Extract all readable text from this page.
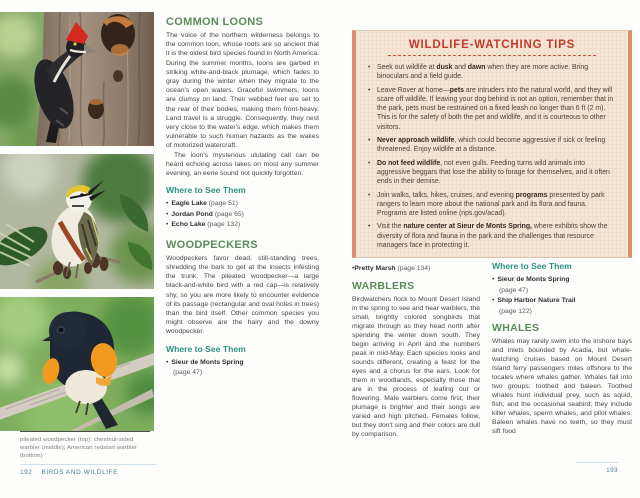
pileated woodpecker (top); chestnut-sided warbler (middle); American redstart warbler (bottom)
192 BIRDS AND WILDLIFE
COMMON LOONS

The voice of the northern wilderness belongs to the common loon, whose roots are so ancient that it is the oldest bird species found in North America. During the summer months, loons are garbed in striking white-and-black plumage, which fades to gray during the winter when they migrate to the ocean's open waters. Graceful swimmers, loons are clumsy on land. Their webbed feet are set to the rear of their bodies, making them front-heavy. Land travel is a struggle. Consequently, they nest very close to the water's edge, which makes them vulnerable to such human hazards as the wakes of motorized watercraft.

The loon's mysterious ululating call can be heard echoing across lakes on most any summer evening, an eerie sound not quickly forgotten.

Where to See Them
• Eagle Lake (page 51)
• Jordan Pond (page 65)
• Echo Lake (page 132)
WOODPECKERS

Woodpeckers favor dead, still-standing trees, shredding the bark to get at the insects infesting the trunk. The pileated woodpecker—a large black-and-white bird with a red cap—is relatively shy, so you are more likely to encounter evidence of its passage (rectangular and oval holes in trees) than the bird itself. Other common species you might observe are the hairy and the downy woodpecker.

Where to See Them
• Sieur de Monts Spring
(page 47)
WILDLIFE-WATCHING TIPS
• Seek out wildlife at dusk and dawn when they are more active. Bring binoculars and a field guide.
• Leave Rover at home—pets are intruders into the natural world, and they will scare off wildlife. If leaving your dog behind is not an option, remember that in the park, pets must be restrained on a fixed leash no longer than 6 ft (2 m). This is for the safety of both the pet and wildlife, and it is courteous to other visitors.
• Never approach wildlife, which could become aggressive if sick or feeling threatened. Enjoy wildlife at a distance.
• Do not feed wildlife, not even gulls. Feeding turns wild animals into aggressive beggars that lose the ability to forage for themselves, and it often ends in their demise.
• Join walks, talks, hikes, cruises, and evening programs presented by park rangers to learn more about the national park and its flora and fauna. Programs are listed online (nps.gov/acad).
• Visit the nature center at Sieur de Monts Spring, where exhibits show the diversity of flora and fauna in the park and the challenges that resource managers face in protecting it.
•Pretty Marsh (page 134)
WARBLERS

Birdwatchers flock to Mount Desert Island in the spring to see and hear warblers, the small, brightly colored songbirds that migrate through as they head north after spending the winter down south. They begin arriving in April and the numbers peak in mid-May. Each species looks and sounds different, creating a feast for the eyes and a chorus for the ears. Look for them in woodlands, especially those that are in the process of leafing out or flowering. Male warblers come first; their plumage is brighter and their songs are varied and high pitched. Females follow, but they don't sing and their colors are dull by comparison.

Where to See Them
• Sieur de Monts Spring
(page 47)
• Ship Harbor Nature Trail
(page 122)
WHALES

Whales may rarely swim into the inshore bays and inlets bounded by Acadia, but whale-watching cruises based on Mount Desert Island ferry passengers miles offshore to the locales where whales gather. Whales fall into two groups: toothed and baleen. Toothed whales hunt individual prey, such as squid, fish, and the occasional seabird; they include killer whales, sperm whales, and pilot whales. Baleen whales have no teeth, so they must sift food

193
